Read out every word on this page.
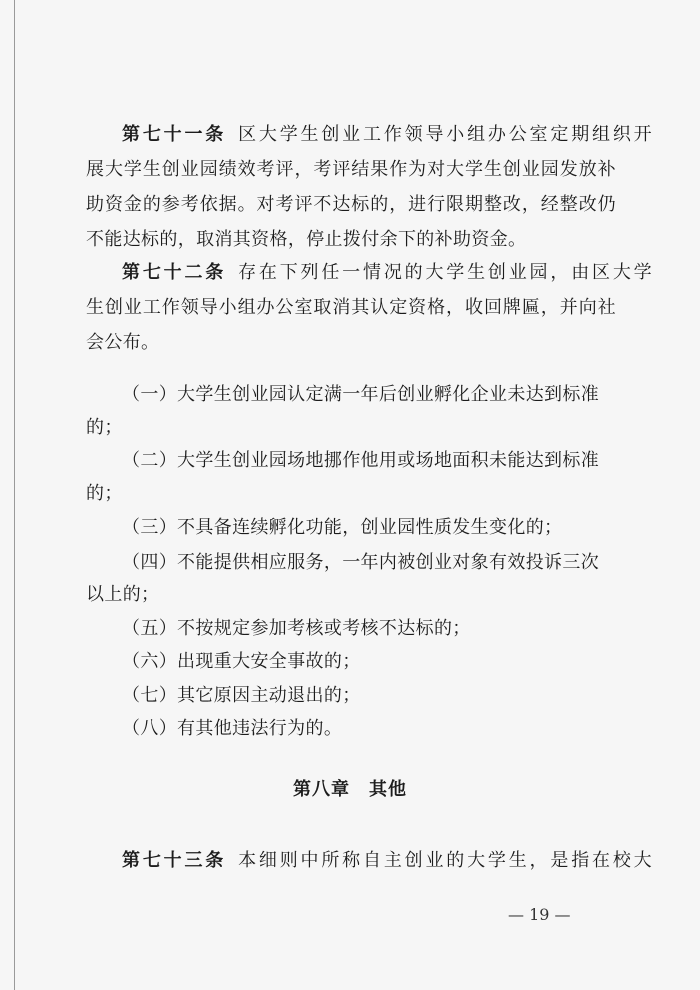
第七十一条 区大学生创业工作领导小组办公室定期组织开
展大学生创业园绩效考评，考评结果作为对大学生创业园发放补
助资金的参考依据。对考评不达标的，进行限期整改，经整改仍
不能达标的，取消其资格，停止拨付余下的补助资金。
第七十二条 存在下列任一情况的大学生创业园，由区大学
生创业工作领导小组办公室取消其认定资格，收回牌匾，并向社
会公布。
（一）大学生创业园认定满一年后创业孵化企业未达到标准
的；
（二）大学生创业园场地挪作他用或场地面积未能达到标准
的；
（三）不具备连续孵化功能，创业园性质发生变化的；
（四）不能提供相应服务，一年内被创业对象有效投诉三次
以上的；
（五）不按规定参加考核或考核不达标的；
（六）出现重大安全事故的；
（七）其它原因主动退出的；
（八）有其他违法行为的。
第八章　其他
第七十三条 本细则中所称自主创业的大学生，是指在校大
— 19 —
